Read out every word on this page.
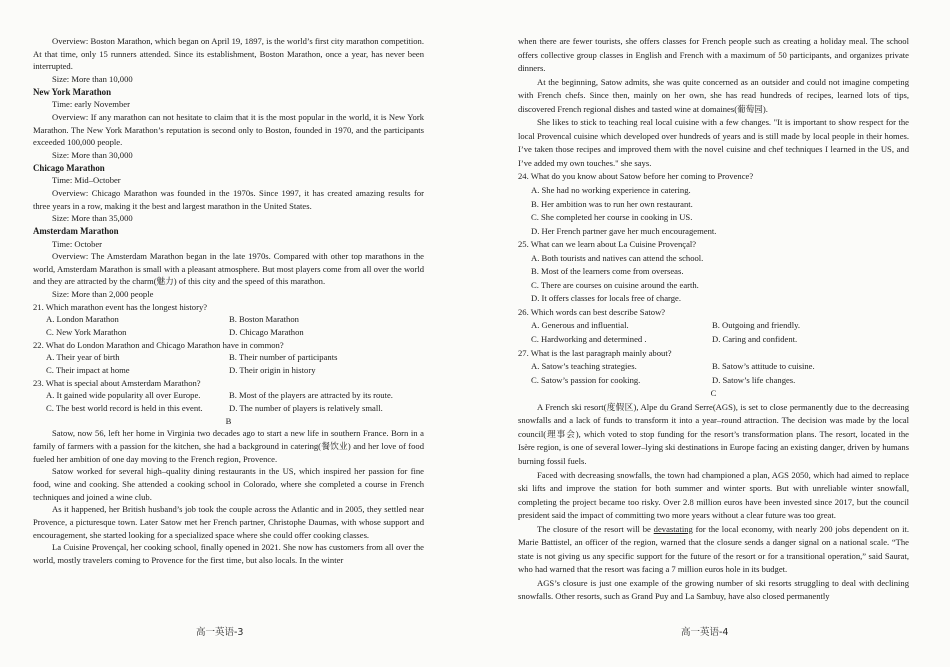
Overview: Boston Marathon, which began on April 19, 1897, is the world’s first city marathon competition. At that time, only 15 runners attended. Since its establishment, Boston Marathon, once a year, has never been interrupted.

Size: More than 10,000

New York Marathon

Time: early November

Overview: If any marathon can not hesitate to claim that it is the most popular in the world, it is New York Marathon. The New York Marathon’s reputation is second only to Boston, founded in 1970, and the participants exceeded 100,000 people.

Size: More than 30,000

Chicago Marathon

Time: Mid–October

Overview: Chicago Marathon was founded in the 1970s. Since 1997, it has created amazing results for three years in a row, making it the best and largest marathon in the United States.

Size: More than 35,000

Amsterdam Marathon

Time: October

Overview: The Amsterdam Marathon began in the late 1970s. Compared with other top marathons in the world, Amsterdam Marathon is small with a pleasant atmosphere. But most players come from all over the world and they are attracted by the charm(魅力) of this city and the speed of this marathon.

Size: More than 2,000 people

21. Which marathon event has the longest history?

A. London Marathon	B. Boston Marathon
C. New York Marathon	D. Chicago Marathon

22. What do London Marathon and Chicago Marathon have in common?

A. Their year of birth	B. Their number of participants
C. Their impact at home	D. Their origin in history

23. What is special about Amsterdam Marathon?

A. It gained wide popularity all over Europe.	B. Most of the players are attracted by its route.
C. The best world record is held in this event.	D. The number of players is relatively small.

B

Satow, now 56, left her home in Virginia two decades ago to start a new life in southern France. Born in a family of farmers with a passion for the kitchen, she had a background in catering(餐饮业) and her love of food fueled her ambition of one day moving to the French region, Provence.

Satow worked for several high–quality dining restaurants in the US, which inspired her passion for fine food, wine and cooking. She attended a cooking school in Colorado, where she completed a course in French techniques and joined a wine club.

As it happened, her British husband’s job took the couple across the Atlantic and in 2005, they settled near Provence, a picturesque town. Later Satow met her French partner, Christophe Daumas, with whose support and encouragement, she started looking for a specialized space where she could offer cooking classes.

La Cuisine Provençal, her cooking school, finally opened in 2021. She now has customers from all over the world, mostly travelers coming to Provence for the first time, but also locals. In the winter

高一英语-3

when there are fewer tourists, she offers classes for French people such as creating a holiday meal. The school offers collective group classes in English and French with a maximum of 50 participants, and organizes private dinners.

At the beginning, Satow admits, she was quite concerned as an outsider and could not imagine competing with French chefs. Since then, mainly on her own, she has read hundreds of recipes, learned lots of tips, discovered French regional dishes and tasted wine at domaines(葡萄园).

She likes to stick to teaching real local cuisine with a few changes. "It is important to show respect for the local Provencal cuisine which developed over hundreds of years and is still made by local people in their homes. I’ve taken those recipes and improved them with the novel cuisine and chef techniques I learned in the US, and I’ve added my own touches." she says.

24. What do you know about Satow before her coming to Provence?

A. She had no working experience in catering.

B. Her ambition was to run her own restaurant.

C. She completed her course in cooking in US.

D. Her French partner gave her much encouragement.

25. What can we learn about La Cuisine Provençal?

A. Both tourists and natives can attend the school.

B. Most of the learners come from overseas.

C. There are courses on cuisine around the earth.

D. It offers classes for locals free of charge.

26. Which words can best describe Satow?

A. Generous and influential.	B. Outgoing and friendly.
C. Hardworking and determined .	D. Caring and confident.

27. What is the last paragraph mainly about?

A. Satow’s teaching strategies.	B. Satow’s attitude to cuisine.
C. Satow’s passion for cooking.	D. Satow’s life changes.

C

A French ski resort(度假区), Alpe du Grand Serre(AGS), is set to close permanently due to the decreasing snowfalls and a lack of funds to transform it into a year–round attraction. The decision was made by the local council(理事会), which voted to stop funding for the resort’s transformation plans. The resort, located in the Isère region, is one of several lower–lying ski destinations in Europe facing an existing danger, driven by humans burning fossil fuels.

Faced with decreasing snowfalls, the town had championed a plan, AGS 2050, which had aimed to replace ski lifts and improve the station for both summer and winter sports. But with unreliable winter snowfall, completing the project became too risky. Over 2.8 million euros have been invested since 2017, but the council president said the impact of committing two more years without a clear future was too great.

The closure of the resort will be devastating for the local economy, with nearly 200 jobs dependent on it. Marie Battistel, an officer of the region, warned that the closure sends a danger signal on a national scale. “The state is not giving us any specific support for the future of the resort or for a transitional operation,” said Saurat, who had warned that the resort was facing a 7 million euros hole in its budget.

AGS’s closure is just one example of the growing number of ski resorts struggling to deal with declining snowfalls. Other resorts, such as Grand Puy and La Sambuy, have also closed permanently

高一英语-4
